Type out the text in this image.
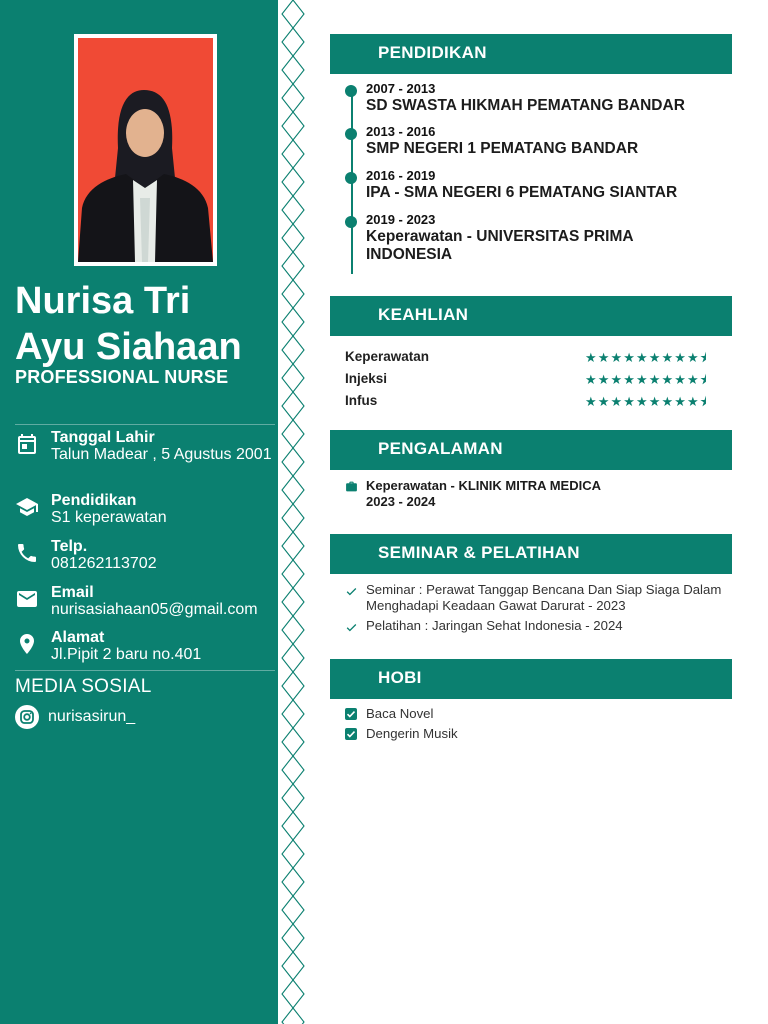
Nurisa Tri
Ayu Siahaan
PROFESSIONAL NURSE
Tanggal Lahir
Talun Madear , 5 Agustus 2001
Pendidikan
S1 keperawatan
Telp.
081262113702
Email
nurisasiahaan05@gmail.com
Alamat
Jl.Pipit 2 baru no.401
MEDIA SOSIAL
nurisasirun_
PENDIDIKAN
2007 - 2013
SD SWASTA HIKMAH PEMATANG BANDAR
2013 - 2016
SMP NEGERI 1 PEMATANG BANDAR
2016 - 2019
IPA - SMA NEGERI 6 PEMATANG SIANTAR
2019 - 2023
Keperawatan - UNIVERSITAS PRIMA INDONESIA
KEAHLIAN
Keperawatan	★★★★★★★★★⯨
Injeksi	★★★★★★★★★⯨
Infus	★★★★★★★★★⯨
PENGALAMAN
Keperawatan - KLINIK MITRA MEDICA
2023 - 2024
SEMINAR & PELATIHAN
Seminar : Perawat Tanggap Bencana Dan Siap Siaga Dalam Menghadapi Keadaan Gawat Darurat - 2023
Pelatihan : Jaringan Sehat Indonesia - 2024
HOBI
Baca Novel
Dengerin Musik
